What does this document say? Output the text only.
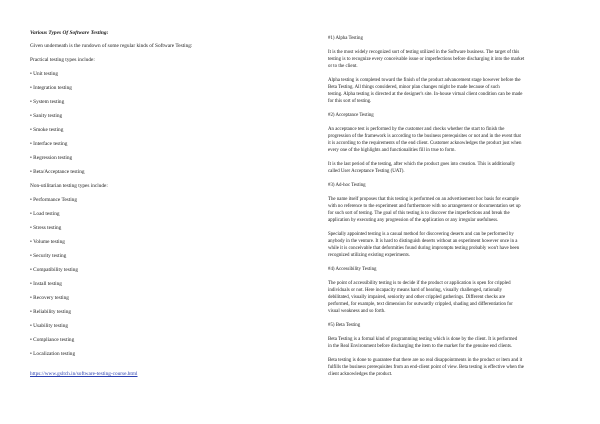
Various Types Of Software Testing:
Given underneath is the rundown of some regular kinds of Software Testing:
Practical testing types include:
• Unit testing
• Integration testing
• System testing
• Sanity testing
• Smoke testing
• Interface testing
• Regression testing
• Beta/Acceptance testing
Non-utilitarian testing types include:
• Performance Testing
• Load testing
• Stress testing
• Volume testing
• Security testing
• Compatibility testing
• Install testing
• Recovery testing
• Reliability testing
• Usability testing
• Compliance testing
• Localization testing
https://www.gsltch.in/software-testing-course.html
#1) Alpha Testing
It is the most widely recognized sort of testing utilized in the Software business. The target of this
testing is to recognize every conceivable issue or imperfections before discharging it into the market
or to the client.
Alpha testing is completed toward the finish of the product advancement stage however before the
Beta Testing. All things considered, minor plan changes might be made because of such
testing. Alpha testing is directed at the designer's site. In-house virtual client condition can be made
for this sort of testing.
#2) Acceptance Testing
An acceptance test is performed by the customer and checks whether the start to finish the
progression of the framework is according to the business prerequisites or not and in the event that
it is according to the requirements of the end client. Customer acknowledges the product just when
every one of the highlights and functionalities fill in true to form.
It is the last period of the testing, after which the product goes into creation. This is additionally
called User Acceptance Testing (UAT).
#3) Ad-hoc Testing
The name itself proposes that this testing is performed on an advertisement hoc basis for example
with no reference to the experiment and furthermore with no arrangement or documentation set up
for such sort of testing. The goal of this testing is to discover the imperfections and break the
application by executing any progression of the application or any irregular usefulness.
Specially appointed testing is a casual method for discovering deserts and can be performed by
anybody in the venture. It is hard to distinguish deserts without an experiment however once in a
while it is conceivable that deformities found during impromptu testing probably won't have been
recognized utilizing existing experiments.
#4) Accessibility Testing
The point of accessibility testing is to decide if the product or application is open for crippled
individuals or not. Here incapacity means hard of hearing, visually challenged, rationally
debilitated, visually impaired, seniority and other crippled gatherings. Different checks are
performed, for example, text dimension for outwardly crippled, shading and differentiation for
visual weakness and so forth.
#5) Beta Testing
Beta Testing is a formal kind of programming testing which is done by the client. It is performed
in the Real Environment before discharging the item to the market for the genuine end clients.
Beta testing is done to guarantee that there are no real disappointments in the product or item and it
fulfills the business prerequisites from an end-client point of view. Beta testing is effective when the
client acknowledges the product.
